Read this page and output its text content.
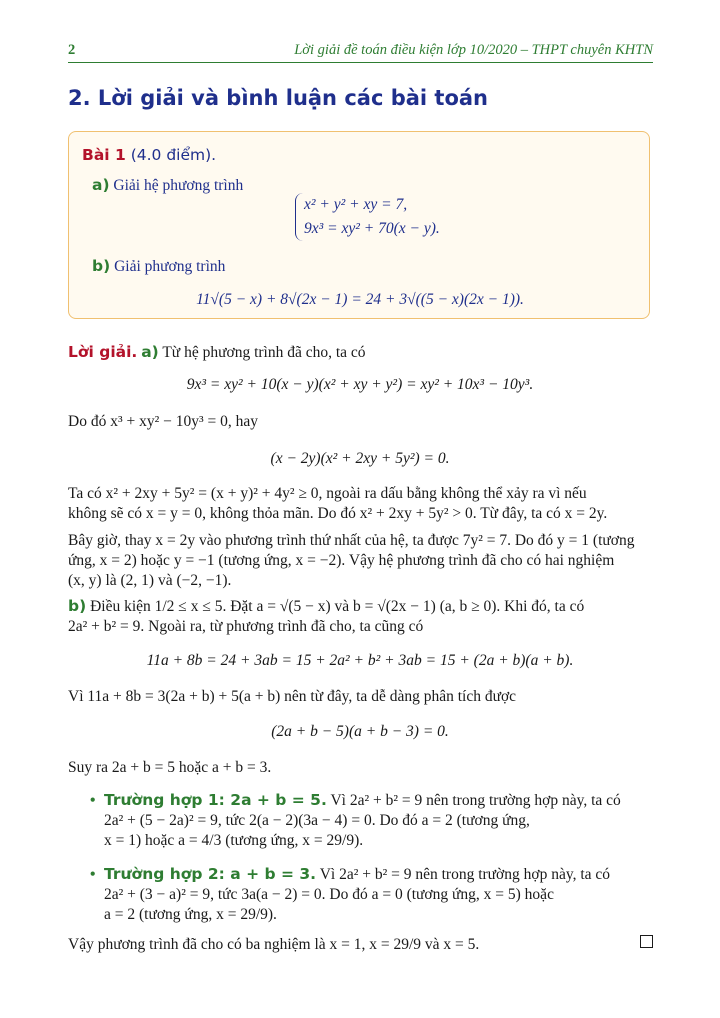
2	Lời giải đề toán điều kiện lớp 10/2020 – THPT chuyên KHTN
2. Lời giải và bình luận các bài toán
Bài 1 (4.0 điểm).
a) Giải hệ phương trình
x² + y² + xy = 7,
9x³ = xy² + 70(x − y).
b) Giải phương trình
11√(5 − x) + 8√(2x − 1) = 24 + 3√((5 − x)(2x − 1)).
Lời giải. a) Từ hệ phương trình đã cho, ta có
9x³ = xy² + 10(x − y)(x² + xy + y²) = xy² + 10x³ − 10y³.
Do đó x³ + xy² − 10y³ = 0, hay
(x − 2y)(x² + 2xy + 5y²) = 0.
Ta có x² + 2xy + 5y² = (x + y)² + 4y² ≥ 0, ngoài ra dấu bằng không thể xảy ra vì nếu
không sẽ có x = y = 0, không thỏa mãn. Do đó x² + 2xy + 5y² > 0. Từ đây, ta có x = 2y.
Bây giờ, thay x = 2y vào phương trình thứ nhất của hệ, ta được 7y² = 7. Do đó y = 1 (tương
ứng, x = 2) hoặc y = −1 (tương ứng, x = −2). Vậy hệ phương trình đã cho có hai nghiệm
(x, y) là (2, 1) và (−2, −1).
b) Điều kiện 1/2 ≤ x ≤ 5. Đặt a = √(5 − x) và b = √(2x − 1) (a, b ≥ 0). Khi đó, ta có
2a² + b² = 9. Ngoài ra, từ phương trình đã cho, ta cũng có
11a + 8b = 24 + 3ab = 15 + 2a² + b² + 3ab = 15 + (2a + b)(a + b).
Vì 11a + 8b = 3(2a + b) + 5(a + b) nên từ đây, ta dễ dàng phân tích được
(2a + b − 5)(a + b − 3) = 0.
Suy ra 2a + b = 5 hoặc a + b = 3.
• Trường hợp 1: 2a + b = 5. Vì 2a² + b² = 9 nên trong trường hợp này, ta có
2a² + (5 − 2a)² = 9, tức 2(a − 2)(3a − 4) = 0. Do đó a = 2 (tương ứng,
x = 1) hoặc a = 4/3 (tương ứng, x = 29/9).
• Trường hợp 2: a + b = 3. Vì 2a² + b² = 9 nên trong trường hợp này, ta có
2a² + (3 − a)² = 9, tức 3a(a − 2) = 0. Do đó a = 0 (tương ứng, x = 5) hoặc
a = 2 (tương ứng, x = 29/9).
Vậy phương trình đã cho có ba nghiệm là x = 1, x = 29/9 và x = 5.
